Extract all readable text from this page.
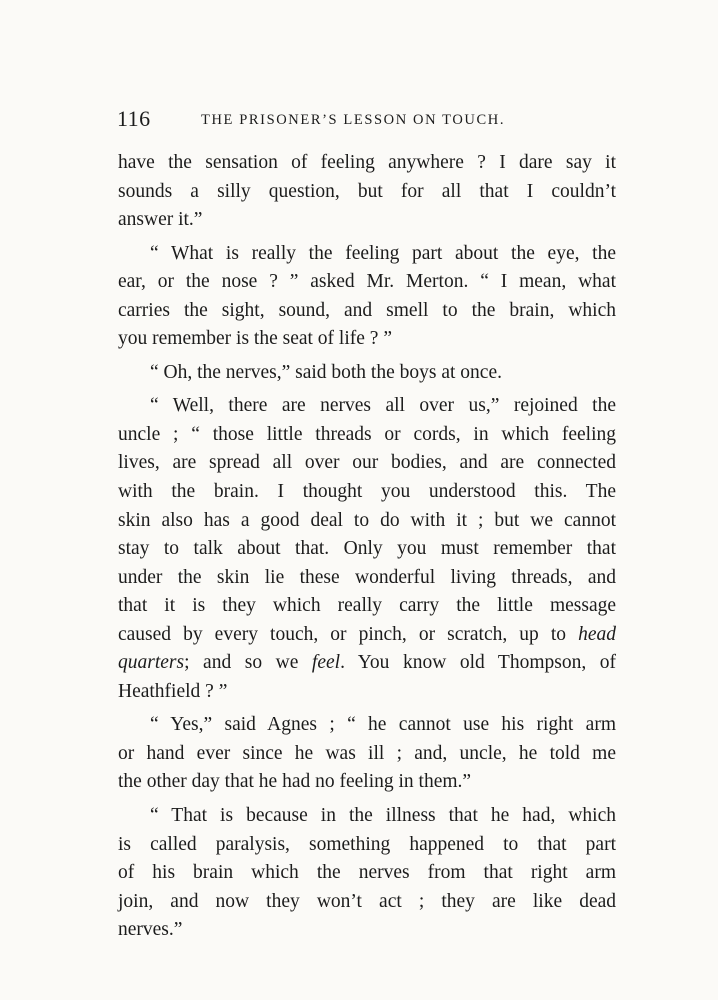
116	THE PRISONER’S LESSON ON TOUCH.
have the sensation of feeling anywhere ? I dare say it
sounds a silly question, but for all that I couldn’t
answer it.”
“ What is really the feeling part about the eye, the
ear, or the nose ? ” asked Mr. Merton. “ I mean, what
carries the sight, sound, and smell to the brain, which
you remember is the seat of life ? ”
“ Oh, the nerves,” said both the boys at once.
“ Well, there are nerves all over us,” rejoined the
uncle ; “ those little threads or cords, in which feeling
lives, are spread all over our bodies, and are connected
with the brain. I thought you understood this. The
skin also has a good deal to do with it ; but we cannot
stay to talk about that. Only you must remember that
under the skin lie these wonderful living threads, and
that it is they which really carry the little message
caused by every touch, or pinch, or scratch, up to head
quarters; and so we feel. You know old Thompson, of
Heathfield ? ”
“ Yes,” said Agnes ; “ he cannot use his right arm
or hand ever since he was ill ; and, uncle, he told me
the other day that he had no feeling in them.”
“ That is because in the illness that he had, which
is called paralysis, something happened to that part
of his brain which the nerves from that right arm
join, and now they won’t act ; they are like dead
nerves.”
